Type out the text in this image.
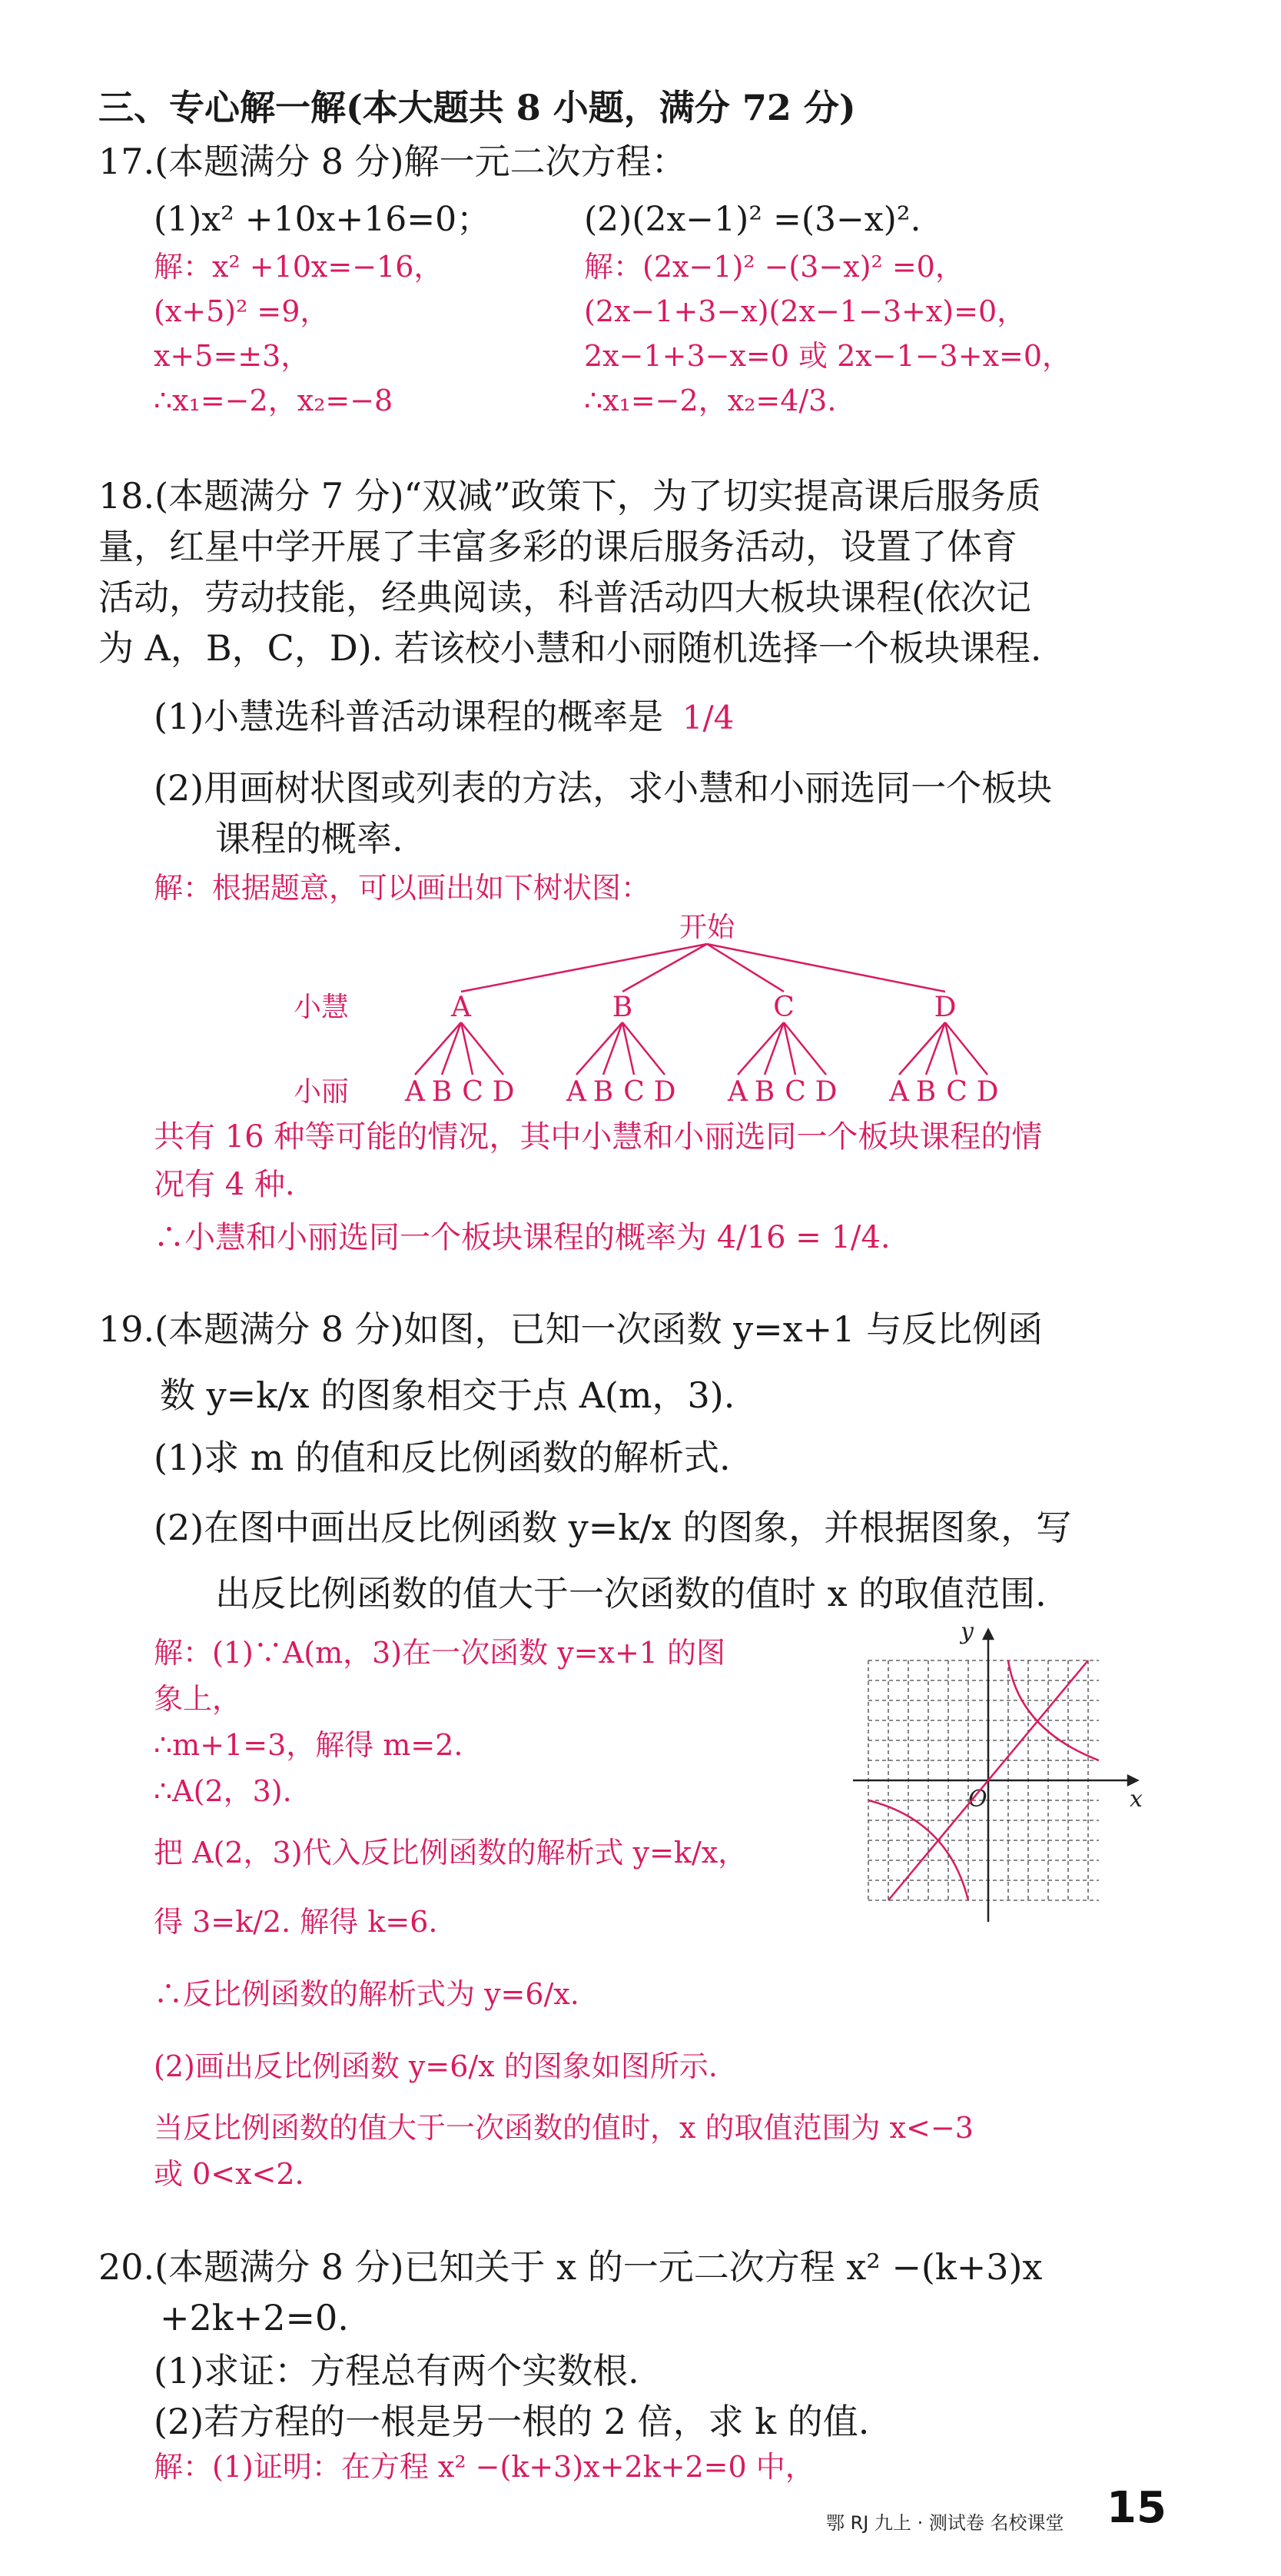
三、专心解一解(本大题共 8 小题，满分 72 分)
17.(本题满分 8 分)解一元二次方程：
(1)x² +10x+16=0；	(2)(2x−1)² =(3−x)².
解：x² +10x=−16，
(x+5)² =9，
x+5=±3，
∴x₁=−2，x₂=−8
解：(2x−1)² −(3−x)² =0，
(2x−1+3−x)(2x−1−3+x)=0，
2x−1+3−x=0 或 2x−1−3+x=0，
∴x₁=−2，x₂=4/3.
18.(本题满分 7 分)“双减”政策下，为了切实提高课后服务质
量，红星中学开展了丰富多彩的课后服务活动，设置了体育
活动，劳动技能，经典阅读，科普活动四大板块课程(依次记
为 A，B，C，D). 若该校小慧和小丽随机选择一个板块课程.
(1)小慧选科普活动课程的概率是 1/4
(2)用画树状图或列表的方法，求小慧和小丽选同一个板块
课程的概率.
解：根据题意，可以画出如下树状图：
开始
小慧
小丽
A	B	C	D
A B C D A B C D A B C D A B C D
共有 16 种等可能的情况，其中小慧和小丽选同一个板块课程的情
况有 4 种.
∴小慧和小丽选同一个板块课程的概率为 4/16 = 1/4.
19.(本题满分 8 分)如图，已知一次函数 y=x+1 与反比例函
数 y=k/x 的图象相交于点 A(m，3).
(1)求 m 的值和反比例函数的解析式.
(2)在图中画出反比例函数 y=k/x 的图象，并根据图象，写
出反比例函数的值大于一次函数的值时 x 的取值范围.
解：(1)∵A(m，3)在一次函数 y=x+1 的图
象上，
∴m+1=3，解得 m=2.
∴A(2，3).
把 A(2，3)代入反比例函数的解析式 y=k/x，
得 3=k/2. 解得 k=6.
∴反比例函数的解析式为 y=6/x.
(2)画出反比例函数 y=6/x 的图象如图所示.
当反比例函数的值大于一次函数的值时，x 的取值范围为 x<−3
或 0<x<2.
x
y
O
20.(本题满分 8 分)已知关于 x 的一元二次方程 x² −(k+3)x
+2k+2=0.
(1)求证：方程总有两个实数根.
(2)若方程的一根是另一根的 2 倍，求 k 的值.
解：(1)证明：在方程 x² −(k+3)x+2k+2=0 中，
鄂 RJ 九上 · 测试卷 名校课堂 15
